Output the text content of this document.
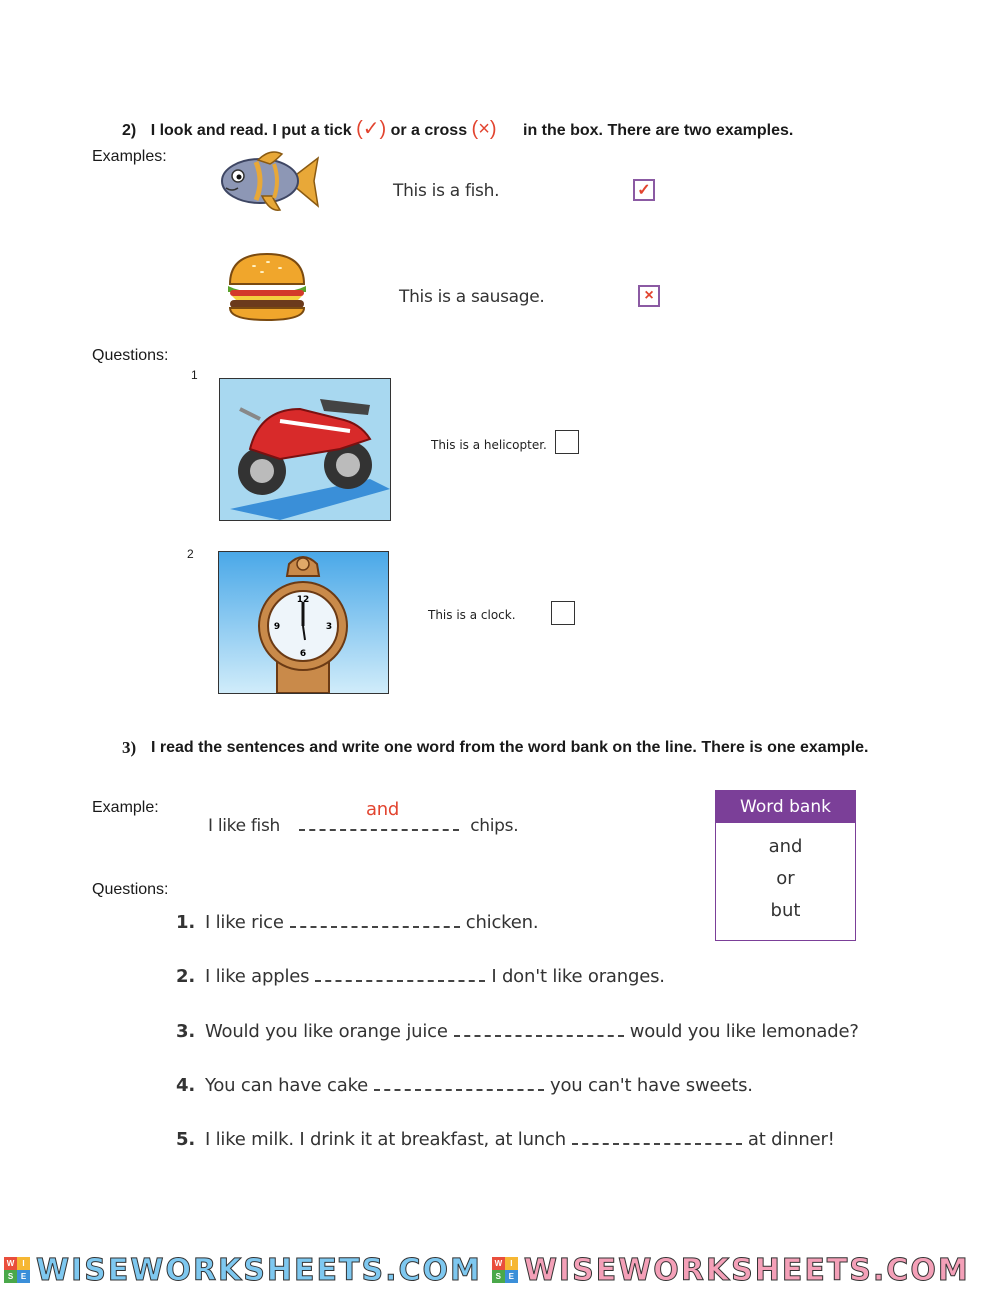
2) I look and read. I put a tick (✓) or a cross (×) in the box. There are two examples.
Examples:
This is a fish.	✓
This is a sausage.	×
Questions:
1
This is a helicopter.
2
12
3
6
9
This is a clock.
3) I read the sentences and write one word from the word bank on the line. There is one example.
Example:	and
I like fish	chips.
Word bank
and
or
but
Questions:
1. I like rice	chicken.
2. I like apples	I don't like oranges.
3. Would you like orange juice	would you like lemonade?
4. You can have cake	you can't have sweets.
5. I like milk. I drink it at breakfast, at lunch	at dinner!
W	I
S E WISEWORKSHEETS.COM	W	I
S E WISEWORKSHEETS.COM
